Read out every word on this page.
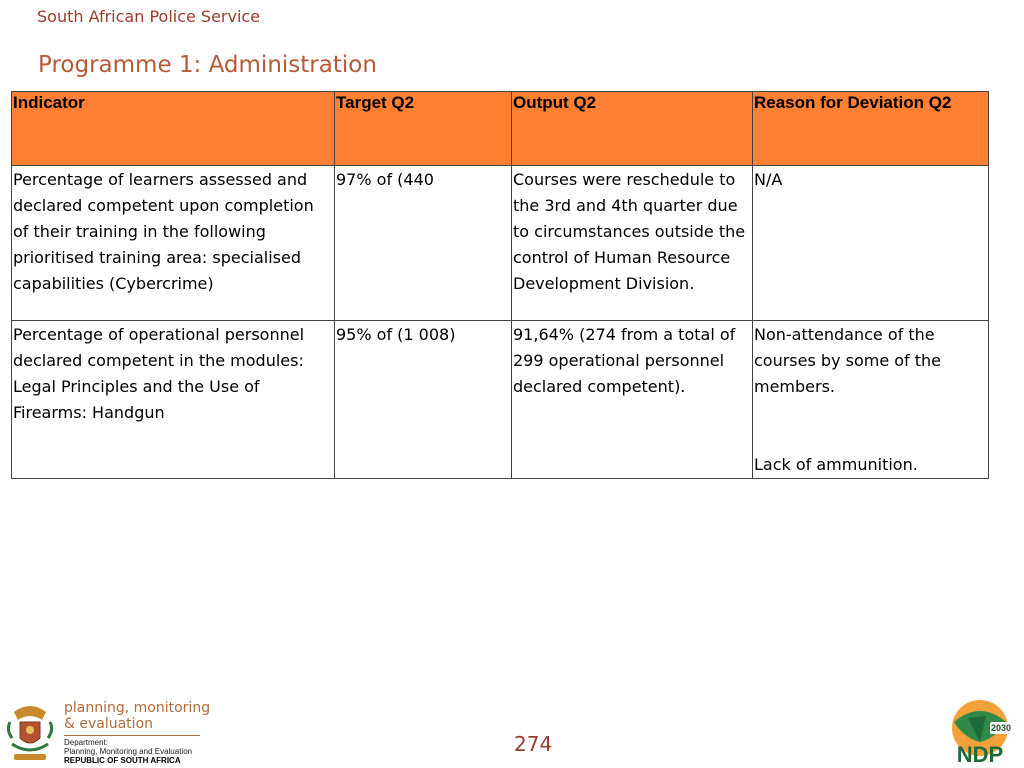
South African Police Service
Programme 1: Administration
Indicator	Target Q2	Output Q2	Reason for Deviation Q2
Percentage of learners assessed and declared competent upon completion of their training in the following prioritised training area: specialised capabilities (Cybercrime)	97% of (440	Courses were reschedule to the 3rd and 4th quarter due to circumstances outside the control of Human Resource Development Division.	N/A

Percentage of operational personnel declared competent in the modules: Legal Principles and the Use of Firearms: Handgun	95% of (1 008)	91,64% (274 from a total of 299 operational personnel declared competent).	Non-attendance of the courses by some of the members.
Lack of ammunition.
planning, monitoring
& evaluation
Department:
Planning, Monitoring and Evaluation
REPUBLIC OF SOUTH AFRICA
274
2030
NDP
